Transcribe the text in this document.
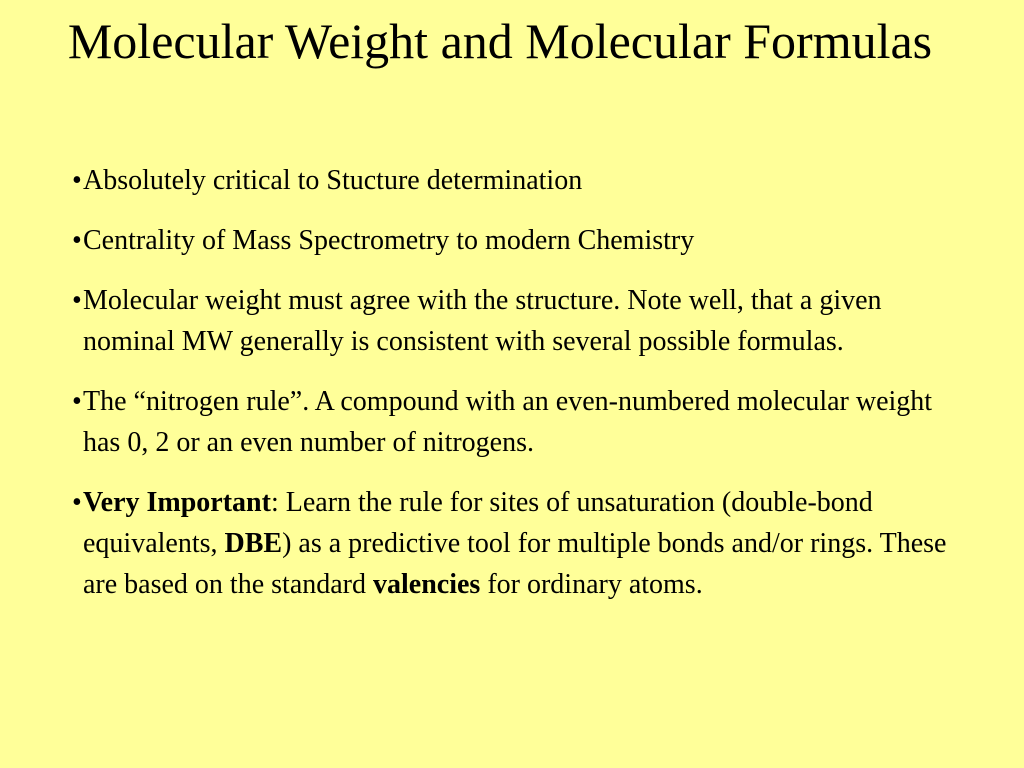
Molecular Weight and Molecular Formulas
• Absolutely critical to Stucture determination
• Centrality of Mass Spectrometry to modern Chemistry
• Molecular weight must agree with the structure. Note well, that a given nominal MW generally is consistent with several possible formulas.
• The “nitrogen rule”. A compound with an even-numbered molecular weight has 0, 2 or an even number of nitrogens.
• Very Important: Learn the rule for sites of unsaturation (double-bond equivalents, DBE) as a predictive tool for multiple bonds and/or rings. These are based on the standard valencies for ordinary atoms.
